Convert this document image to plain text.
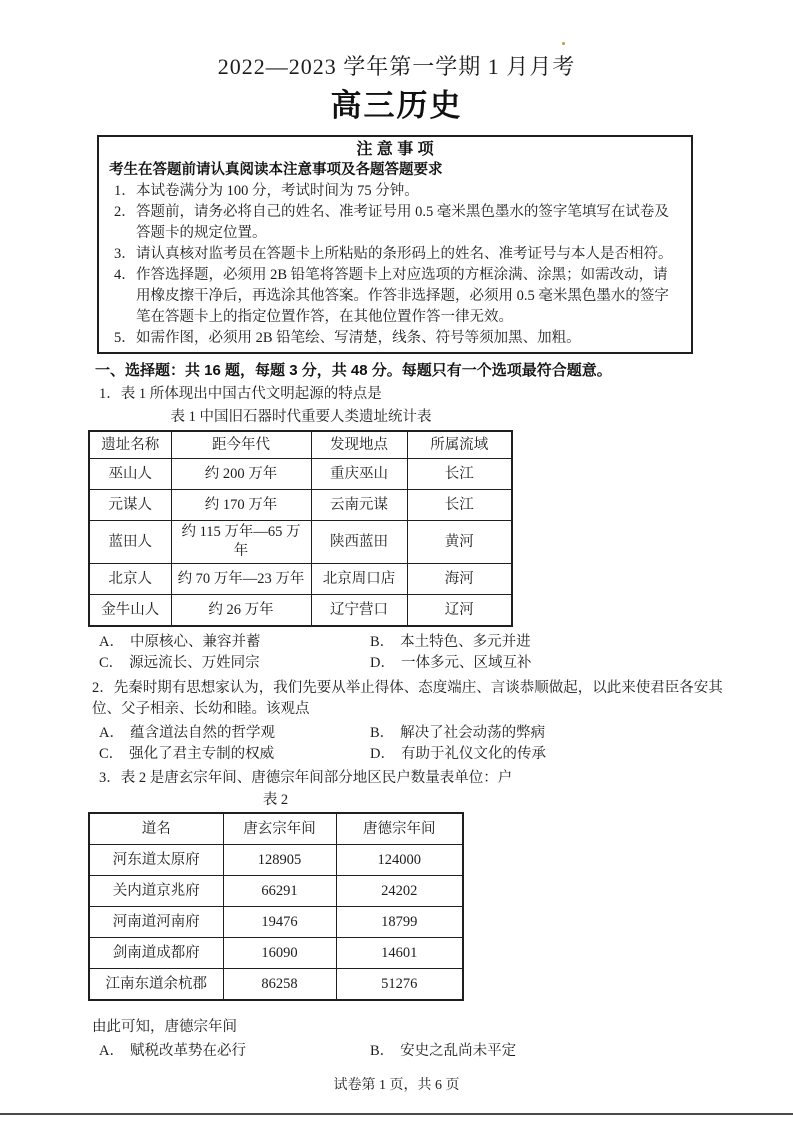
2022—2023 学年第一学期 1 月月考
高三历史
注 意 事 项
考生在答题前请认真阅读本注意事项及各题答题要求
1． 本试卷满分为 100 分，考试时间为 75 分钟。
2． 答题前，请务必将自己的姓名、准考证号用 0.5 毫米黑色墨水的签字笔填写在试卷及答题卡的规定位置。
3． 请认真核对监考员在答题卡上所粘贴的条形码上的姓名、准考证号与本人是否相符。
4． 作答选择题，必须用 2B 铅笔将答题卡上对应选项的方框涂满、涂黑；如需改动，请用橡皮擦干净后，再选涂其他答案。作答非选择题，必须用 0.5 毫米黑色墨水的签字笔在答题卡上的指定位置作答，在其他位置作答一律无效。
5． 如需作图，必须用 2B 铅笔绘、写清楚，线条、符号等须加黑、加粗。
一、选择题：共 16 题，每题 3 分，共 48 分。每题只有一个选项最符合题意。
1．表 1 所体现出中国古代文明起源的特点是
表 1 中国旧石器时代重要人类遗址统计表
遗址名称	距今年代	发现地点	所属流域
巫山人	约 200 万年	重庆巫山	长江
元谋人	约 170 万年	云南元谋	长江
蓝田人	约 115 万年—65 万年	陕西蓝田	黄河
北京人	约 70 万年—23 万年	北京周口店	海河
金牛山人	约 26 万年	辽宁营口	辽河
A． 中原核心、兼容并蓄	B． 本土特色、多元并进
C． 源远流长、万姓同宗	D． 一体多元、区域互补
2．先秦时期有思想家认为，我们先要从举止得体、态度端庄、言谈恭顺做起，以此来使君臣各安其位、父子相亲、长幼和睦。该观点
A． 蕴含道法自然的哲学观	B． 解决了社会动荡的弊病
C． 强化了君主专制的权威	D． 有助于礼仪文化的传承
3．表 2 是唐玄宗年间、唐德宗年间部分地区民户数量表单位：户
表 2
道名	唐玄宗年间	唐德宗年间
河东道太原府	128905	124000
关内道京兆府	66291	24202
河南道河南府	19476	18799
剑南道成都府	16090	14601
江南东道余杭郡	86258	51276
由此可知，唐德宗年间
A． 赋税改革势在必行	B． 安史之乱尚未平定
试卷第 1 页，共 6 页
